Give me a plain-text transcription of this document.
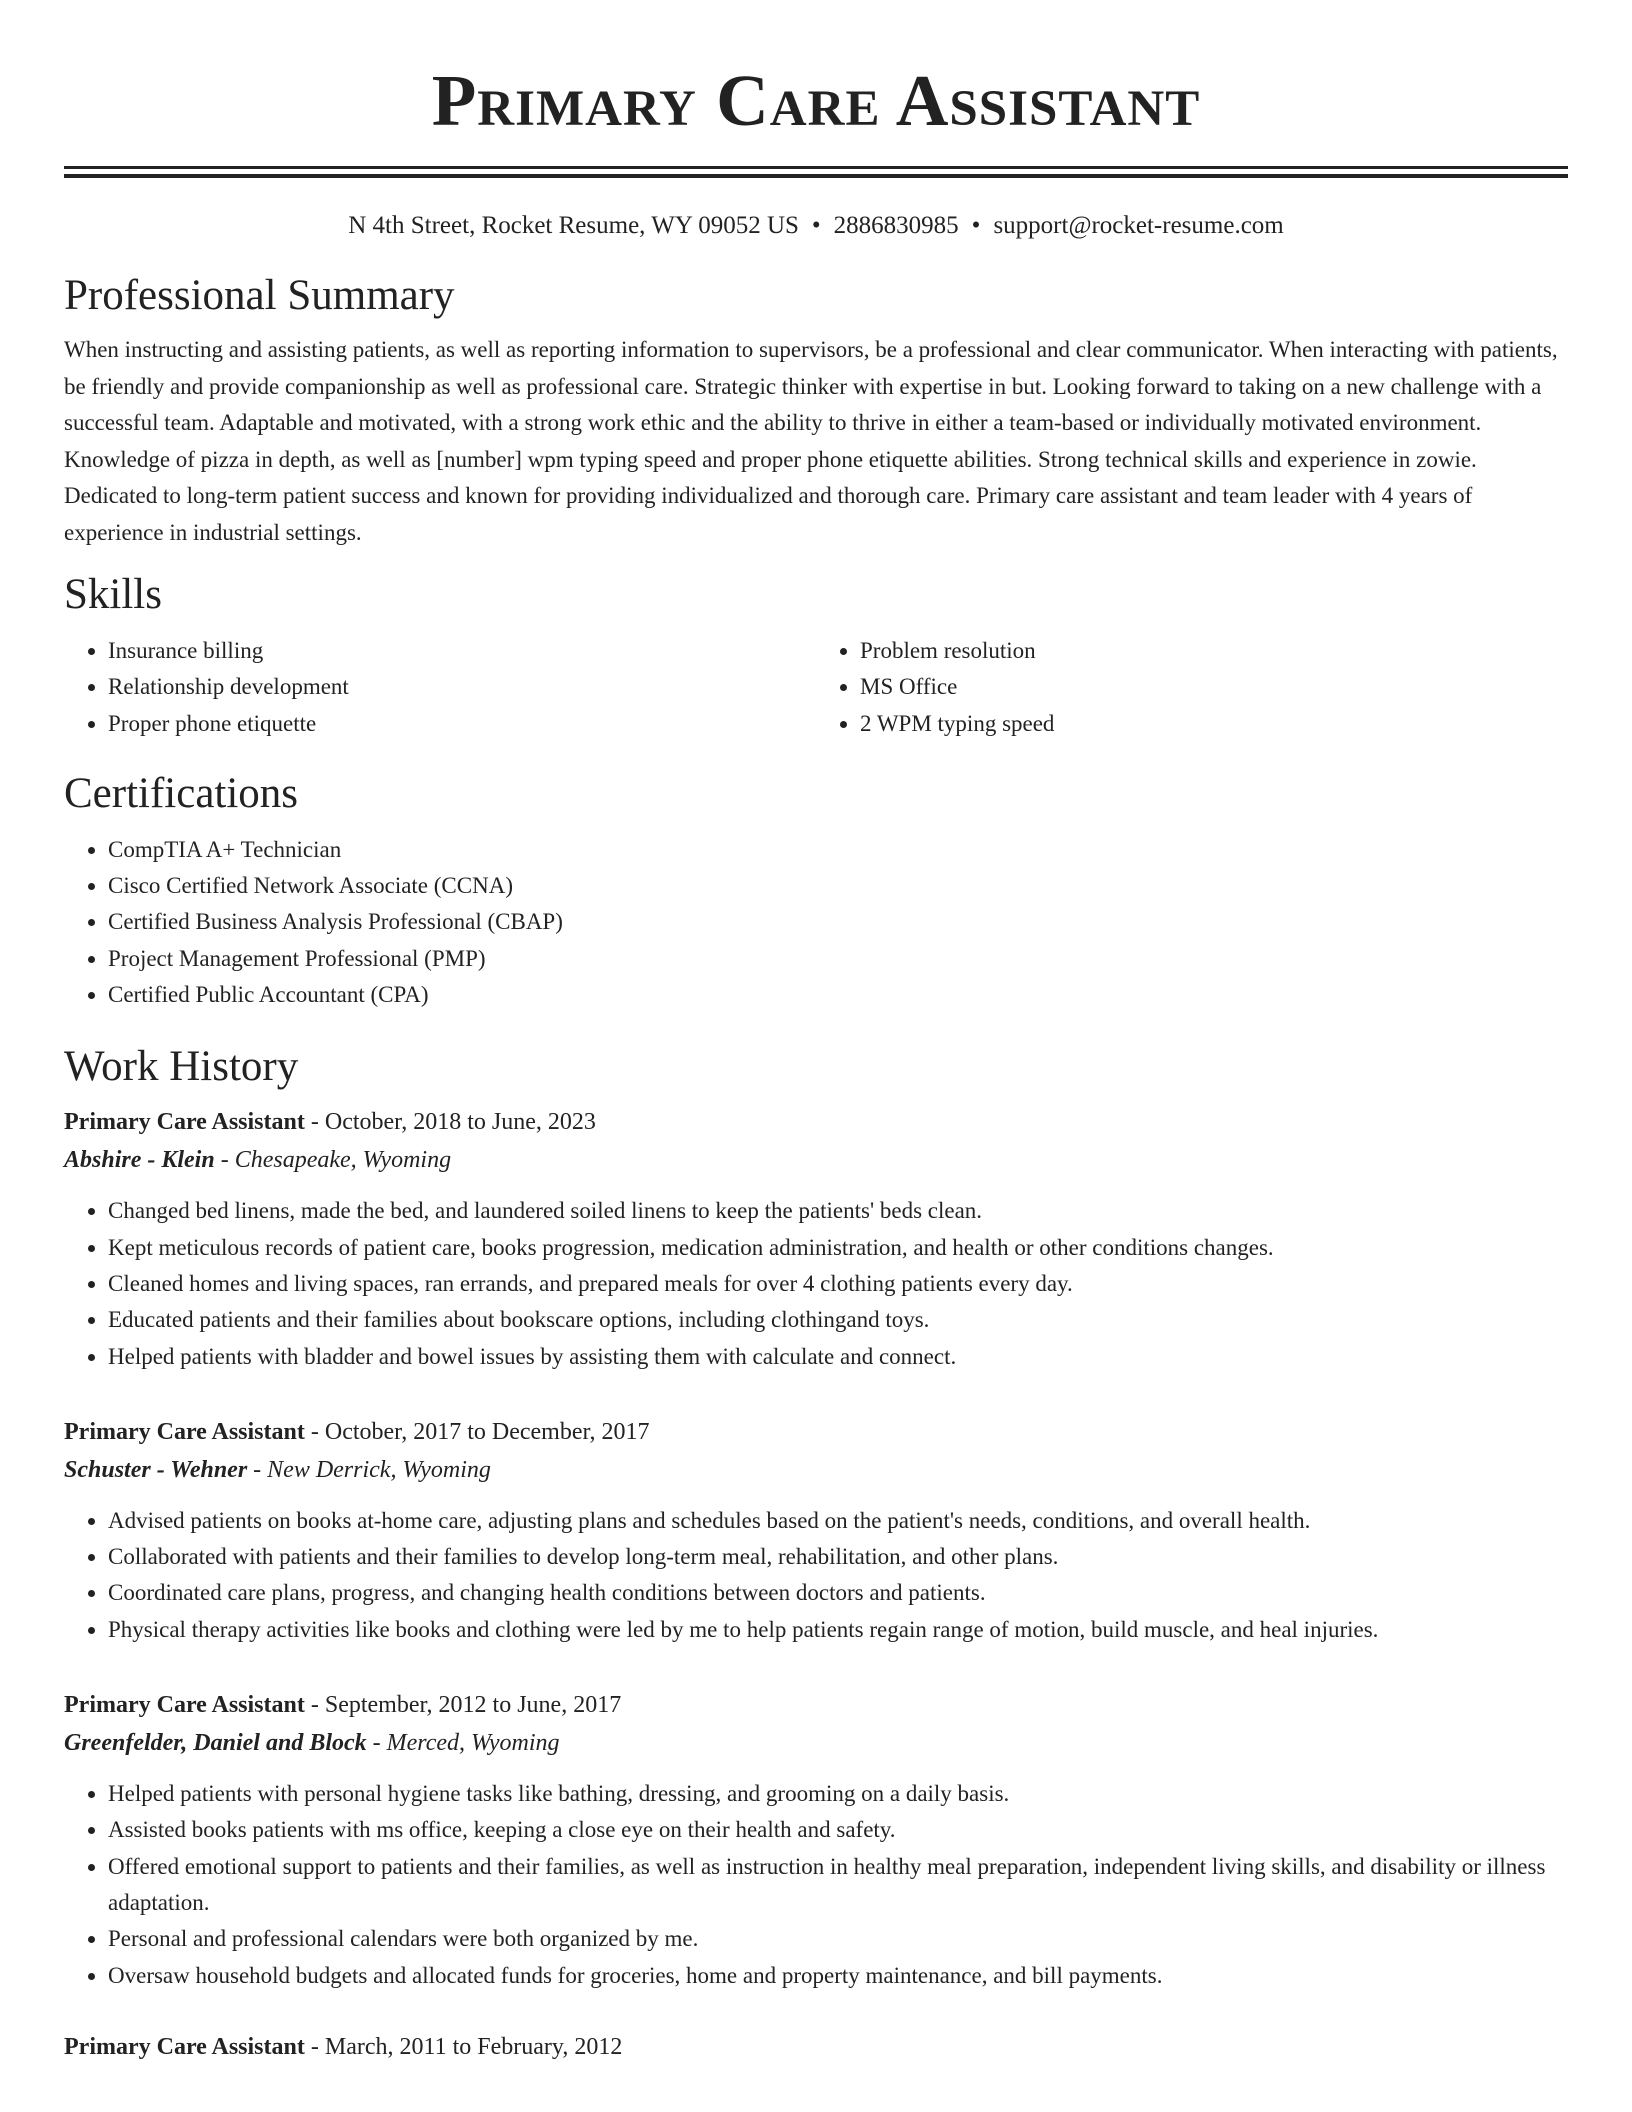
Primary Care Assistant
N 4th Street, Rocket Resume, WY 09052 US • 2886830985 • support@rocket-resume.com
Professional Summary

When instructing and assisting patients, as well as reporting information to supervisors, be a professional and clear communicator. When interacting with patients, be friendly and provide companionship as well as professional care. Strategic thinker with expertise in but. Looking forward to taking on a new challenge with a successful team. Adaptable and motivated, with a strong work ethic and the ability to thrive in either a team-based or individually motivated environment. Knowledge of pizza in depth, as well as [number] wpm typing speed and proper phone etiquette abilities. Strong technical skills and experience in zowie. Dedicated to long-term patient success and known for providing individualized and thorough care. Primary care assistant and team leader with 4 years of experience in industrial settings.

Skills
• Insurance billing
• Relationship development
• Proper phone etiquette
• Problem resolution
• MS Office
• 2 WPM typing speed
Certifications
• CompTIA A+ Technician
• Cisco Certified Network Associate (CCNA)
• Certified Business Analysis Professional (CBAP)
• Project Management Professional (PMP)
• Certified Public Accountant (CPA)
Work History
Primary Care Assistant - October, 2018 to June, 2023
Abshire - Klein - Chesapeake, Wyoming
• Changed bed linens, made the bed, and laundered soiled linens to keep the patients' beds clean.
• Kept meticulous records of patient care, books progression, medication administration, and health or other conditions changes.
• Cleaned homes and living spaces, ran errands, and prepared meals for over 4 clothing patients every day.
• Educated patients and their families about bookscare options, including clothingand toys.
• Helped patients with bladder and bowel issues by assisting them with calculate and connect.
Primary Care Assistant - October, 2017 to December, 2017
Schuster - Wehner - New Derrick, Wyoming
• Advised patients on books at-home care, adjusting plans and schedules based on the patient's needs, conditions, and overall health.
• Collaborated with patients and their families to develop long-term meal, rehabilitation, and other plans.
• Coordinated care plans, progress, and changing health conditions between doctors and patients.
• Physical therapy activities like books and clothing were led by me to help patients regain range of motion, build muscle, and heal injuries.
Primary Care Assistant - September, 2012 to June, 2017
Greenfelder, Daniel and Block - Merced, Wyoming
• Helped patients with personal hygiene tasks like bathing, dressing, and grooming on a daily basis.
• Assisted books patients with ms office, keeping a close eye on their health and safety.
• Offered emotional support to patients and their families, as well as instruction in healthy meal preparation, independent living skills, and disability or illness adaptation.
• Personal and professional calendars were both organized by me.
• Oversaw household budgets and allocated funds for groceries, home and property maintenance, and bill payments.
Primary Care Assistant - March, 2011 to February, 2012
